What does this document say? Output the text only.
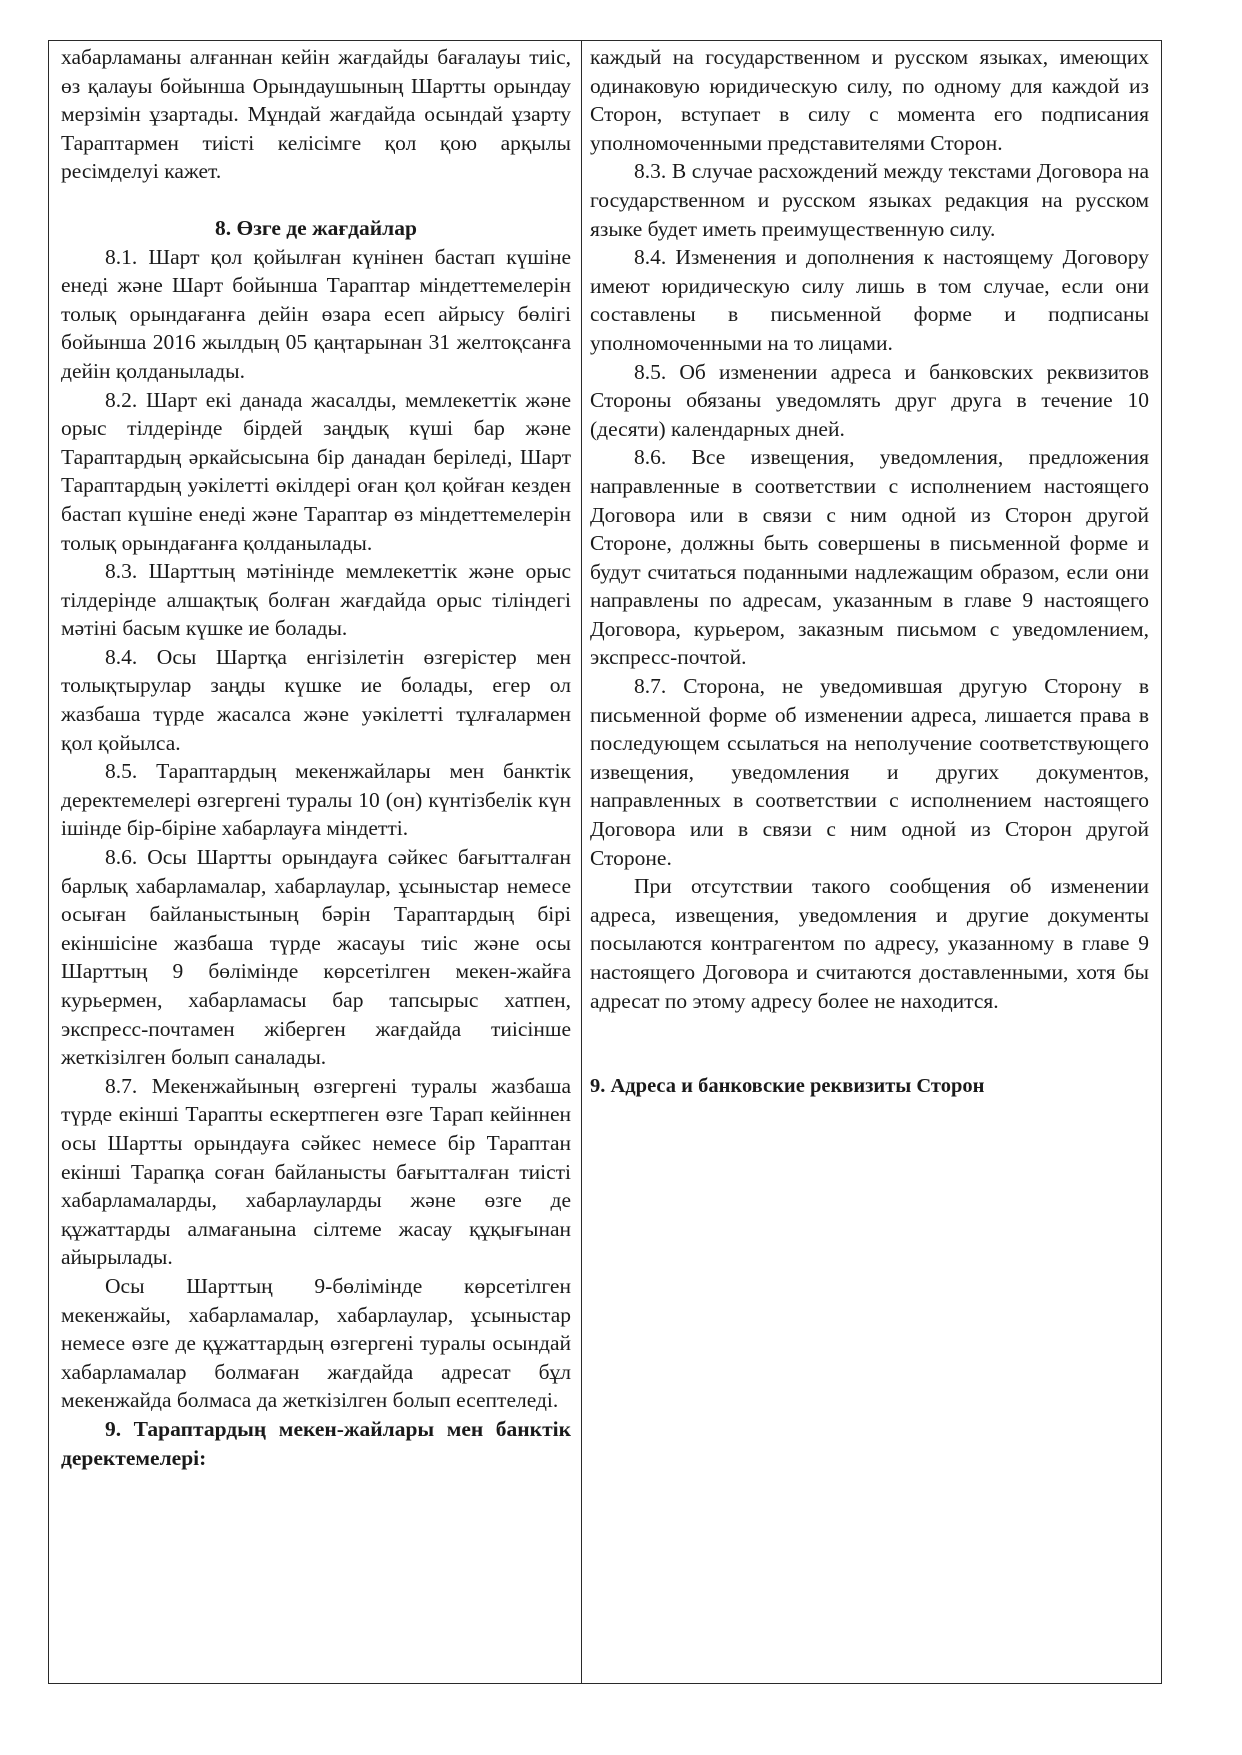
хабарламаны алғаннан кейін жағдайды бағалауы тиіс, өз қалауы бойынша Орындаушының Шартты орындау мерзімін ұзартады. Мұндай жағдайда осындай ұзарту Тараптармен тиісті келісімге қол қою арқылы ресімделуі кажет.

8. Өзге де жағдайлар

8.1. Шарт қол қойылған күнінен бастап күшіне енеді және Шарт бойынша Тараптар міндеттемелерін толық орындағанға дейін өзара есеп айрысу бөлігі бойынша 2016 жылдың 05 қаңтарынан 31 желтоқсанға дейін қолданылады.

8.2. Шарт екі данада жасалды, мемлекеттік және орыс тілдерінде бірдей заңдық күші бар және Тараптардың әркайсысына бір данадан беріледі, Шарт Тараптардың уәкілетті өкілдері оған қол қойған кезден бастап күшіне енеді және Тараптар өз міндеттемелерін толық орындағанға қолданылады.

8.3. Шарттың мәтінінде мемлекеттік және орыс тілдерінде алшақтық болған жағдайда орыс тіліндегі мәтіні басым күшке ие болады.

8.4. Осы Шартқа енгізілетін өзгерістер мен толықтырулар заңды күшке ие болады, егер ол жазбаша түрде жасалса және уәкілетті тұлғалармен қол қойылса.

8.5. Тараптардың мекенжайлары мен банктік деректемелері өзгергені туралы 10 (он) күнтізбелік күн ішінде бір-біріне хабарлауға міндетті.

8.6. Осы Шартты орындауға сәйкес бағытталған барлық хабарламалар, хабарлаулар, ұсыныстар немесе осыған байланыстының бәрін Тараптардың бірі екіншісіне жазбаша түрде жасауы тиіс және осы Шарттың 9 бөлімінде көрсетілген мекен-жайға курьермен, хабарламасы бар тапсырыс хатпен, экспресс-почтамен жіберген жағдайда тиісінше жеткізілген болып саналады.

8.7. Мекенжайының өзгергені туралы жазбаша түрде екінші Тарапты ескертпеген өзге Тарап кейіннен осы Шартты орындауға сәйкес немесе бір Тараптан екінші Тарапқа соған байланысты бағытталған тиісті хабарламаларды, хабарлауларды және өзге де құжаттарды алмағанына сілтеме жасау құқығынан айырылады.

Осы Шарттың 9-бөлімінде көрсетілген мекенжайы, хабарламалар, хабарлаулар, ұсыныстар немесе өзге де құжаттардың өзгергені туралы осындай хабарламалар болмаған жағдайда адресат бұл мекенжайда болмаса да жеткізілген болып есептеледі.

9. Тараптардың мекен-жайлары мен банктік деректемелері:

каждый на государственном и русском языках, имеющих одинаковую юридическую силу, по одному для каждой из Сторон, вступает в силу с момента его подписания уполномоченными представителями Сторон.

8.3. В случае расхождений между текстами Договора на государственном и русском языках редакция на русском языке будет иметь преимущественную силу.

8.4. Изменения и дополнения к настоящему Договору имеют юридическую силу лишь в том случае, если они составлены в письменной форме и подписаны уполномоченными на то лицами.

8.5. Об изменении адреса и банковских реквизитов Стороны обязаны уведомлять друг друга в течение 10 (десяти) календарных дней.

8.6. Все извещения, уведомления, предложения направленные в соответствии с исполнением настоящего Договора или в связи с ним одной из Сторон другой Стороне, должны быть совершены в письменной форме и будут считаться поданными надлежащим образом, если они направлены по адресам, указанным в главе 9 настоящего Договора, курьером, заказным письмом с уведомлением, экспресс-почтой.

8.7. Сторона, не уведомившая другую Сторону в письменной форме об изменении адреса, лишается права в последующем ссылаться на неполучение соответствующего извещения, уведомления и других документов, направленных в соответствии с исполнением настоящего Договора или в связи с ним одной из Сторон другой Стороне.

При отсутствии такого сообщения об изменении адреса, извещения, уведомления и другие документы посылаются контрагентом по адресу, указанному в главе 9 настоящего Договора и считаются доставленными, хотя бы адресат по этому адресу более не находится.

9. Адреса и банковские реквизиты Сторон
